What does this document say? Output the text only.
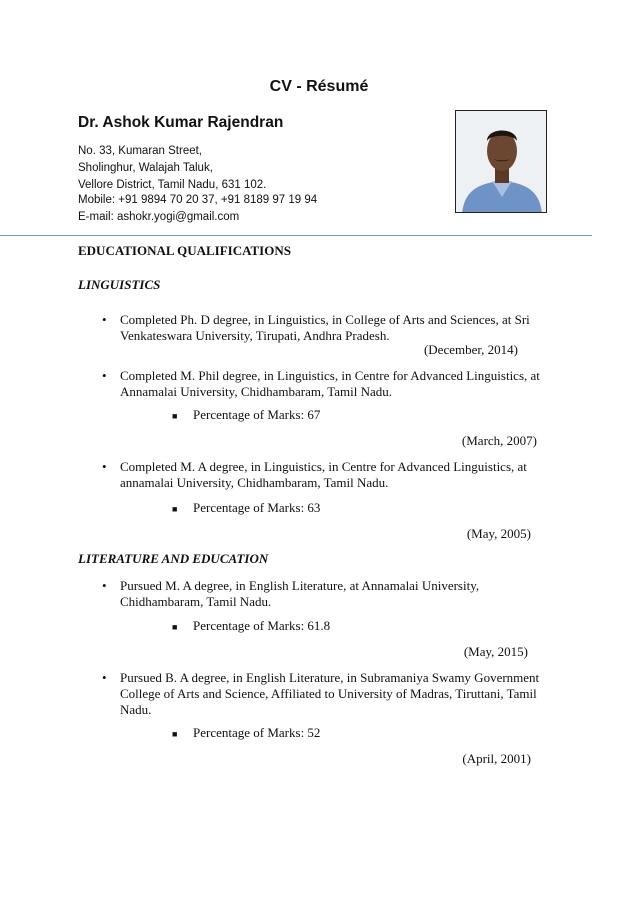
CV - Résumé
Dr. Ashok Kumar Rajendran
No. 33, Kumaran Street,
Sholinghur, Walajah Taluk,
Vellore District, Tamil Nadu, 631 102.
Mobile: +91 9894 70 20 37, +91 8189 97 19 94
E-mail: ashokr.yogi@gmail.com
EDUCATIONAL QUALIFICATIONS
LINGUISTICS
• Completed Ph. D degree, in Linguistics, in College of Arts and Sciences, at Sri
Venkateswara University, Tirupati, Andhra Pradesh.
(December, 2014)
• Completed M. Phil degree, in Linguistics, in Centre for Advanced Linguistics, at
Annamalai University, Chidhambaram, Tamil Nadu.
■ Percentage of Marks: 67
(March, 2007)
• Completed M. A degree, in Linguistics, in Centre for Advanced Linguistics, at
annamalai University, Chidhambaram, Tamil Nadu.
■ Percentage of Marks: 63
(May, 2005)
LITERATURE AND EDUCATION
• Pursued M. A degree, in English Literature, at Annamalai University,
Chidhambaram, Tamil Nadu.
■ Percentage of Marks: 61.8
(May, 2015)
• Pursued B. A degree, in English Literature, in Subramaniya Swamy Government
College of Arts and Science, Affiliated to University of Madras, Tiruttani, Tamil
Nadu.
■ Percentage of Marks: 52
(April, 2001)
